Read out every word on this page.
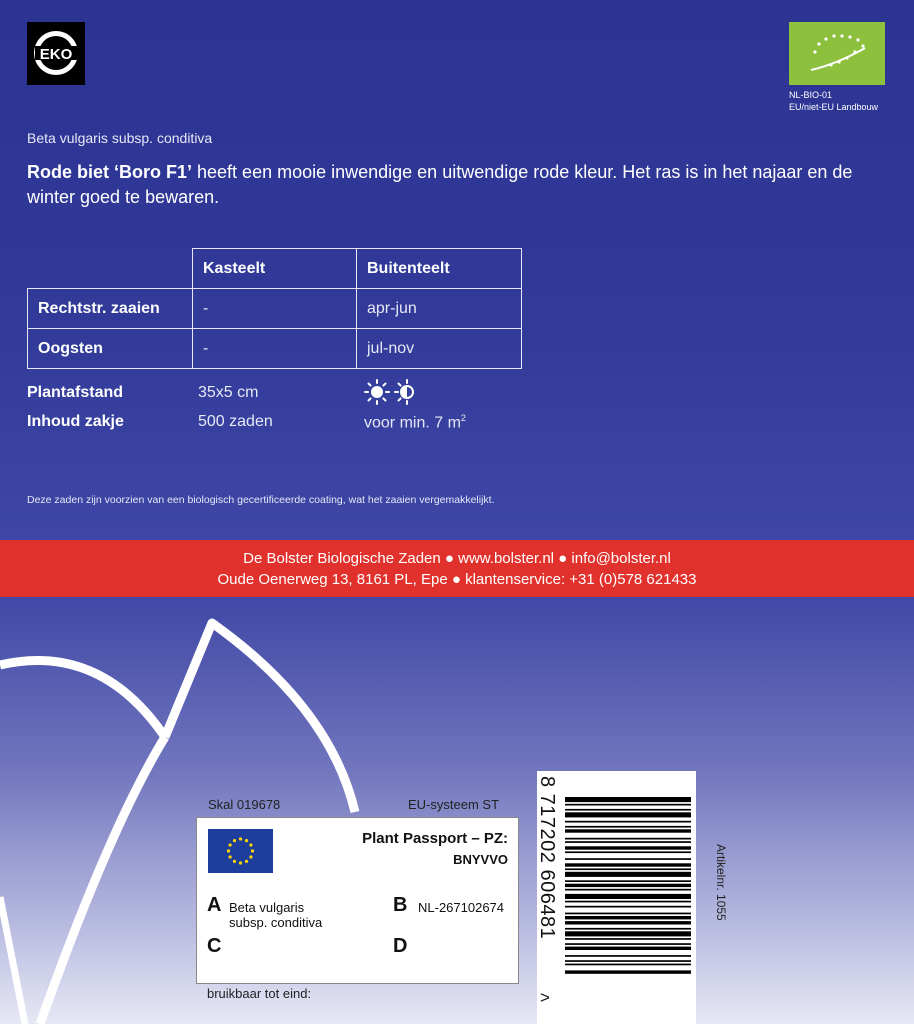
EKO
NL-BIO-01
EU/niet-EU Landbouw
Beta vulgaris subsp. conditiva
Rode biet ‘Boro F1’ heeft een mooie inwendige en uitwendige rode kleur. Het ras is in het najaar en de winter goed te bewaren.
	Kasteelt	Buitenteelt
Rechtstr. zaaien	-	apr-jun
Oogsten	-	jul-nov
Plantafstand	35x5 cm
Inhoud zakje	500 zaden	voor min. 7 $m^2$
Deze zaden zijn voorzien van een biologisch gecertificeerde coating, wat het zaaien vergemakkelijkt.
De Bolster Biologische Zaden ● www.bolster.nl ● info@bolster.nl
Oude Oenerweg 13, 8161 PL, Epe ● klantenservice: +31 (0)578 621433
Skal 019678	EU-systeem ST
Plant Passport – PZ:
BNYVVO
A Beta vulgaris
subsp. conditiva
B NL-267102674
C	D
bruikbaar tot eind:
8 717202 606481
>
Artikelnr. 1055
